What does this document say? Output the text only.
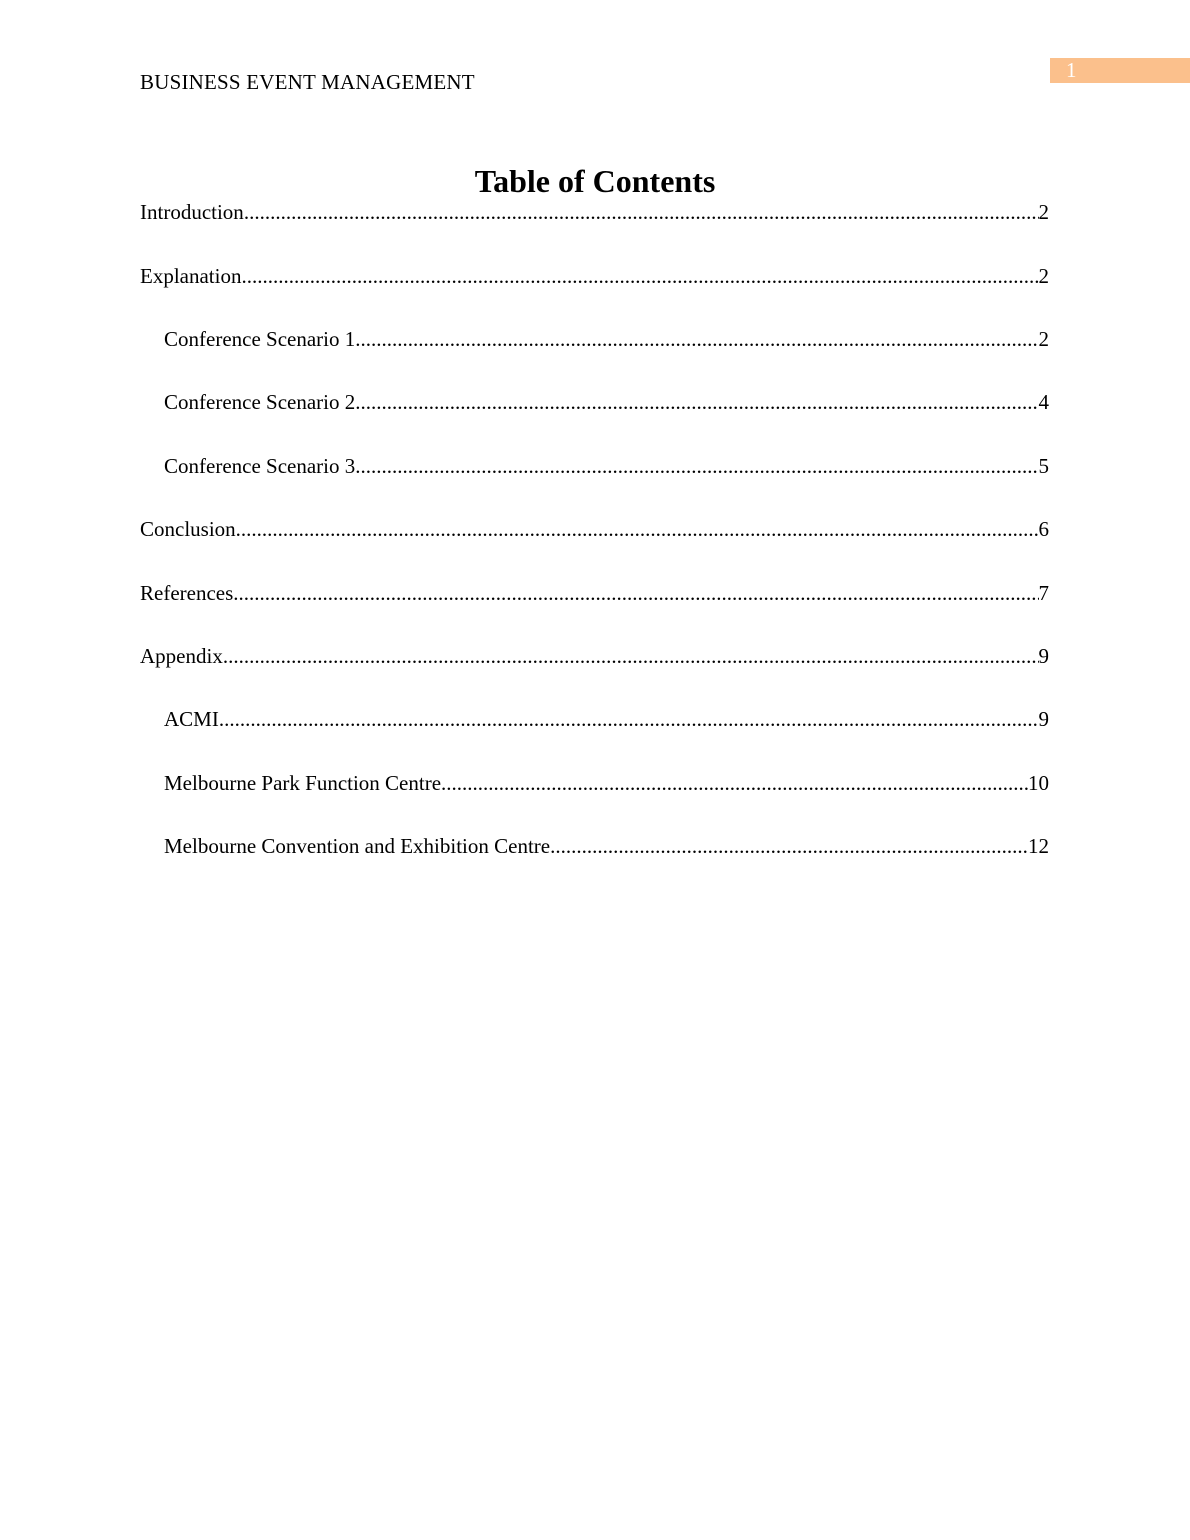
BUSINESS EVENT MANAGEMENT	1
Table of Contents
Introduction .....	2
Explanation .....	2
Conference Scenario 1 .....	2
Conference Scenario 2 .....	4
Conference Scenario 3 .....	5
Conclusion .....	6
References .....	7
Appendix .....	9
ACMI .....	9
Melbourne Park Function Centre .....	10
Melbourne Convention and Exhibition Centre .....	12
